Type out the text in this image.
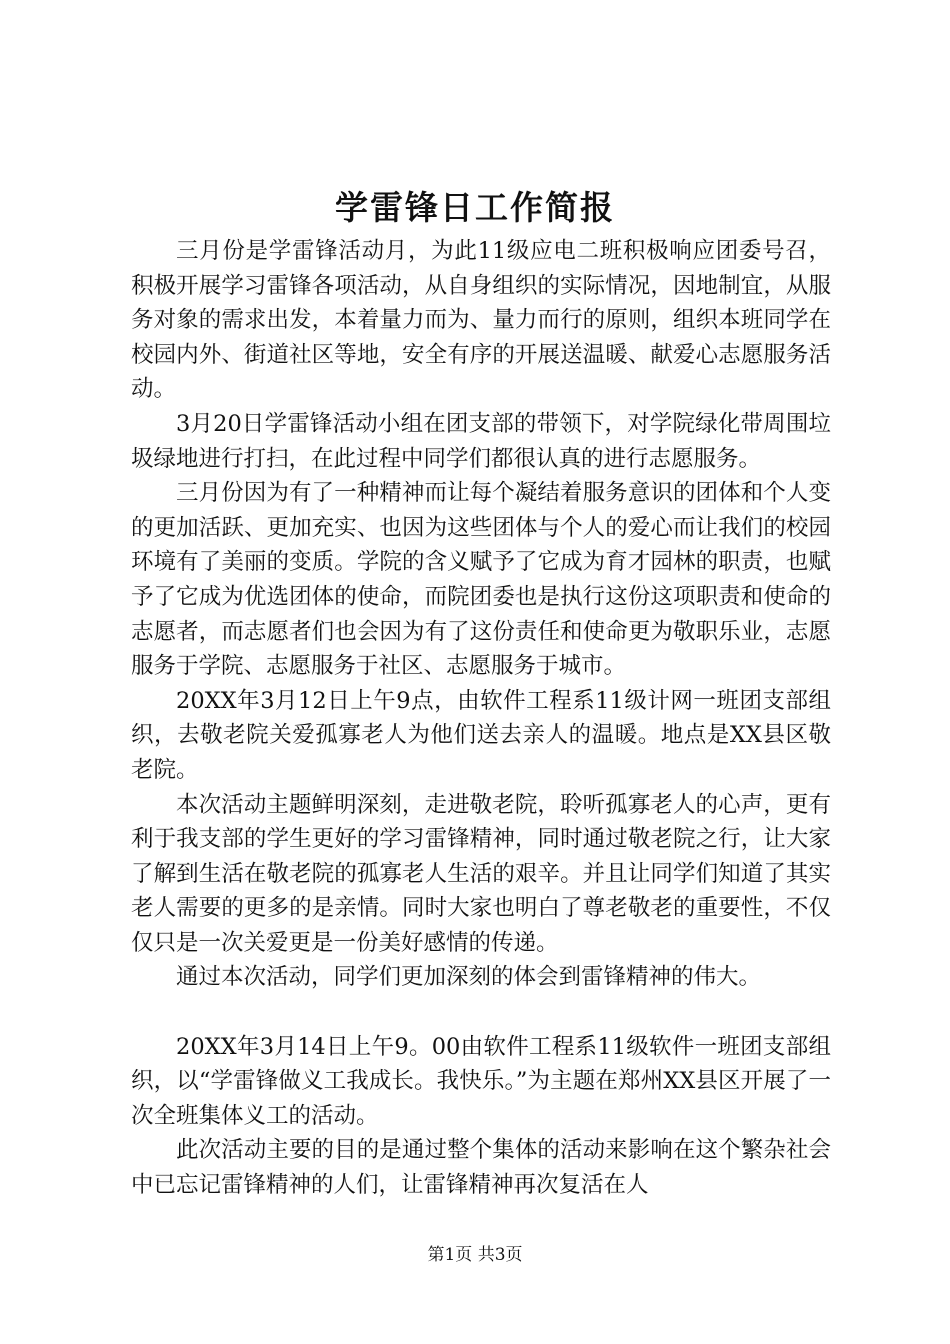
学雷锋日工作简报

三月份是学雷锋活动月，为此11级应电二班积极响应团委号召，积极开展学习雷锋各项活动，从自身组织的实际情况，因地制宜，从服务对象的需求出发，本着量力而为、量力而行的原则，组织本班同学在校园内外、街道社区等地，安全有序的开展送温暖、献爱心志愿服务活动。

3月20日学雷锋活动小组在团支部的带领下，对学院绿化带周围垃圾绿地进行打扫，在此过程中同学们都很认真的进行志愿服务。

三月份因为有了一种精神而让每个凝结着服务意识的团体和个人变的更加活跃、更加充实、也因为这些团体与个人的爱心而让我们的校园环境有了美丽的变质。学院的含义赋予了它成为育才园林的职责，也赋予了它成为优选团体的使命，而院团委也是执行这份这项职责和使命的志愿者，而志愿者们也会因为有了这份责任和使命更为敬职乐业，志愿服务于学院、志愿服务于社区、志愿服务于城市。

20XX年3月12日上午9点，由软件工程系11级计网一班团支部组织，去敬老院关爱孤寡老人为他们送去亲人的温暖。地点是XX县区敬老院。

本次活动主题鲜明深刻，走进敬老院，聆听孤寡老人的心声，更有利于我支部的学生更好的学习雷锋精神，同时通过敬老院之行，让大家了解到生活在敬老院的孤寡老人生活的艰辛。并且让同学们知道了其实老人需要的更多的是亲情。同时大家也明白了尊老敬老的重要性，不仅仅只是一次关爱更是一份美好感情的传递。

通过本次活动，同学们更加深刻的体会到雷锋精神的伟大。

20XX年3月14日上午9。00由软件工程系11级软件一班团支部组织，以“学雷锋做义工我成长。我快乐。”为主题在郑州XX县区开展了一次全班集体义工的活动。

此次活动主要的目的是通过整个集体的活动来影响在这个繁杂社会中已忘记雷锋精神的人们，让雷锋精神再次复活在人

第1页 共3页
